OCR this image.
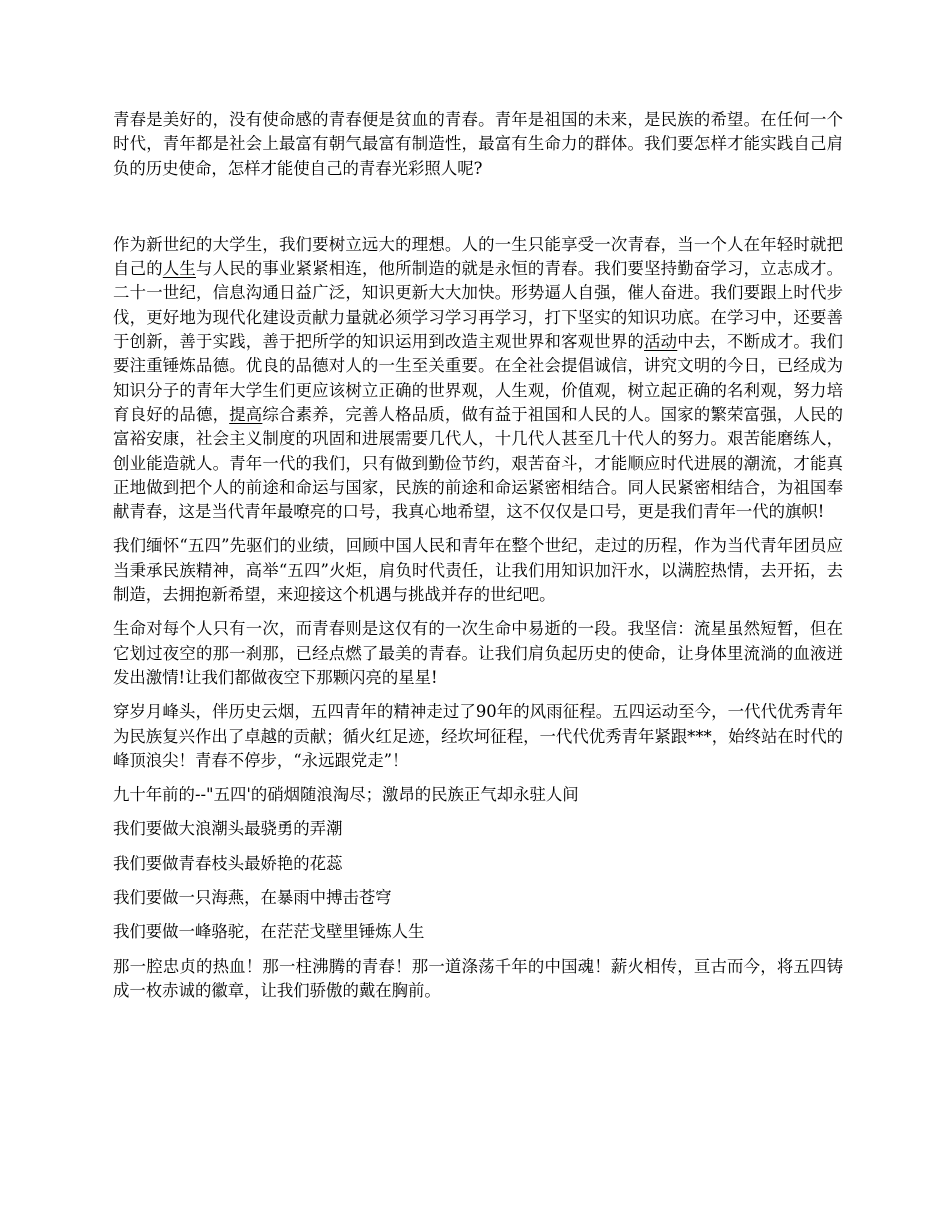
青春是美好的，没有使命感的青春便是贫血的青春。青年是祖国的未来，是民族的希望。在任何一个时代，青年都是社会上最富有朝气最富有制造性，最富有生命力的群体。我们要怎样才能实践自己肩负的历史使命，怎样才能使自己的青春光彩照人呢?

作为新世纪的大学生，我们要树立远大的理想。人的一生只能享受一次青春，当一个人在年轻时就把自己的人生与人民的事业紧紧相连，他所制造的就是永恒的青春。我们要坚持勤奋学习，立志成才。二十一世纪，信息沟通日益广泛，知识更新大大加快。形势逼人自强，催人奋进。我们要跟上时代步伐，更好地为现代化建设贡献力量就必须学习学习再学习，打下坚实的知识功底。在学习中，还要善于创新，善于实践，善于把所学的知识运用到改造主观世界和客观世界的活动中去，不断成才。我们要注重锤炼品德。优良的品德对人的一生至关重要。在全社会提倡诚信，讲究文明的今日，已经成为知识分子的青年大学生们更应该树立正确的世界观，人生观，价值观，树立起正确的名利观，努力培育良好的品德，提高综合素养，完善人格品质，做有益于祖国和人民的人。国家的繁荣富强，人民的富裕安康，社会主义制度的巩固和进展需要几代人，十几代人甚至几十代人的努力。艰苦能磨练人，创业能造就人。青年一代的我们，只有做到勤俭节约，艰苦奋斗，才能顺应时代进展的潮流，才能真正地做到把个人的前途和命运与国家，民族的前途和命运紧密相结合。同人民紧密相结合，为祖国奉献青春，这是当代青年最嘹亮的口号，我真心地希望，这不仅仅是口号，更是我们青年一代的旗帜!

我们缅怀“五四”先驱们的业绩，回顾中国人民和青年在整个世纪，走过的历程，作为当代青年团员应当秉承民族精神，高举“五四”火炬，肩负时代责任，让我们用知识加汗水，以满腔热情，去开拓，去制造，去拥抱新希望，来迎接这个机遇与挑战并存的世纪吧。

生命对每个人只有一次，而青春则是这仅有的一次生命中易逝的一段。我坚信：流星虽然短暂，但在它划过夜空的那一刹那，已经点燃了最美的青春。让我们肩负起历史的使命，让身体里流淌的血液迸发出激情!让我们都做夜空下那颗闪亮的星星!

穿岁月峰头，伴历史云烟，五四青年的精神走过了90年的风雨征程。五四运动至今，一代代优秀青年为民族复兴作出了卓越的贡献；循火红足迹，经坎坷征程，一代代优秀青年紧跟***，始终站在时代的峰顶浪尖！青春不停步，“永远跟党走”！

九十年前的--"五四'的硝烟随浪淘尽；激昂的民族正气却永驻人间

我们要做大浪潮头最骁勇的弄潮

我们要做青春枝头最娇艳的花蕊

我们要做一只海燕，在暴雨中搏击苍穹

我们要做一峰骆驼，在茫茫戈壁里锤炼人生

那一腔忠贞的热血！那一柱沸腾的青春！那一道涤荡千年的中国魂！薪火相传，亘古而今，将五四铸成一枚赤诚的徽章，让我们骄傲的戴在胸前。
